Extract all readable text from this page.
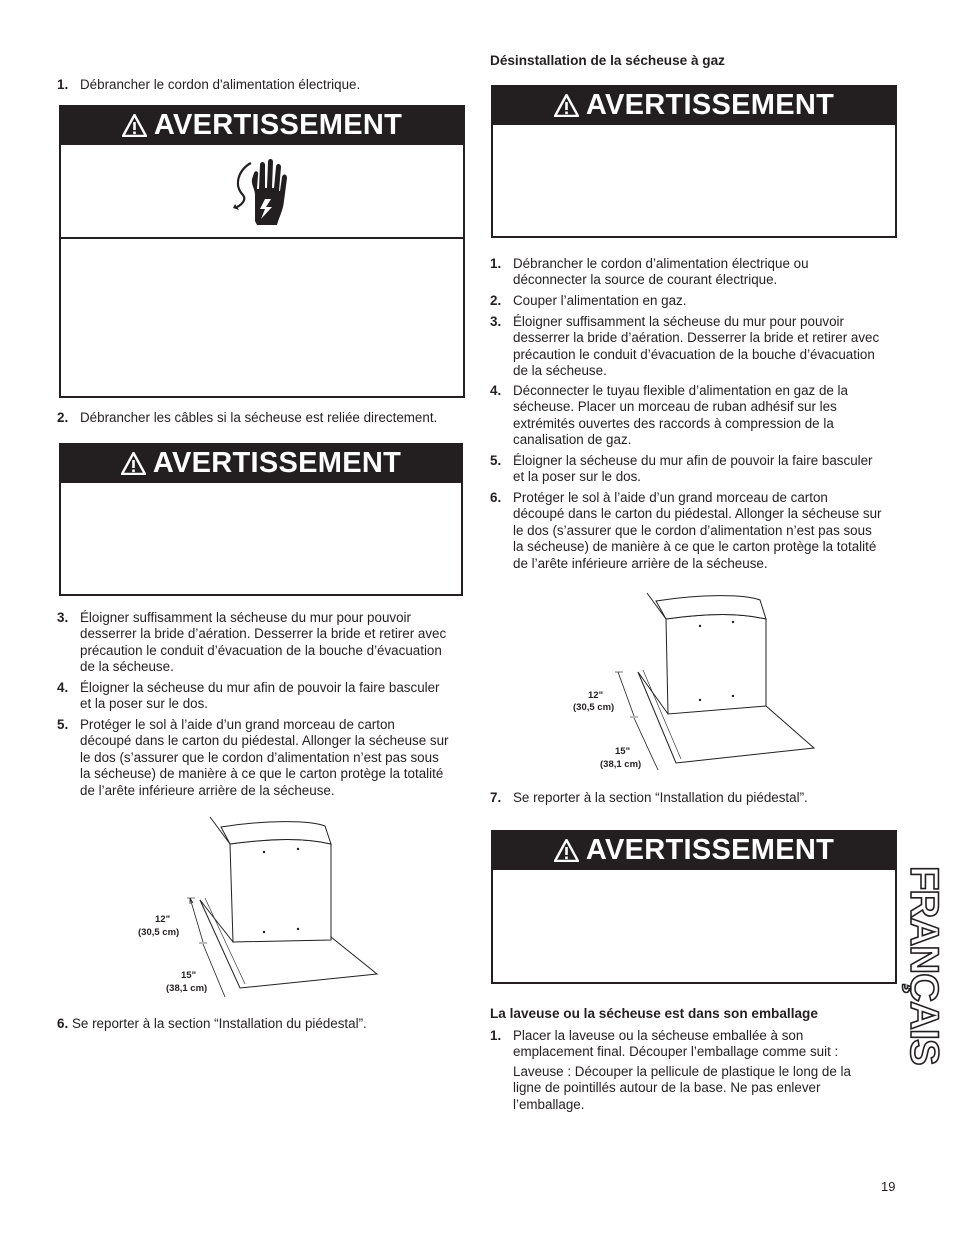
1. Débrancher le cordon d'alimentation électrique.
AVERTISSEMENT
2. Débrancher les câbles si la sécheuse est reliée directement.
AVERTISSEMENT
3. Éloigner suffisamment la sécheuse du mur pour pouvoir
desserrer la bride d’aération. Desserrer la bride et retirer avec
précaution le conduit d’évacuation de la bouche d’évacuation
de la sécheuse.
4. Éloigner la sécheuse du mur afin de pouvoir la faire basculer
et la poser sur le dos.
5. Protéger le sol à l’aide d’un grand morceau de carton
découpé dans le carton du piédestal. Allonger la sécheuse sur
le dos (s’assurer que le cordon d’alimentation n’est pas sous
la sécheuse) de manière à ce que le carton protège la totalité
de l’arête inférieure arrière de la sécheuse.
12"
(30,5 cm)
15"
(38,1 cm)
6. Se reporter à la section “Installation du piédestal”.
Désinstallation de la sécheuse à gaz
AVERTISSEMENT
1. Débrancher le cordon d’alimentation électrique ou
déconnecter la source de courant électrique.
2. Couper l’alimentation en gaz.
3. Éloigner suffisamment la sécheuse du mur pour pouvoir
desserrer la bride d’aération. Desserrer la bride et retirer avec
précaution le conduit d’évacuation de la bouche d’évacuation
de la sécheuse.
4. Déconnecter le tuyau flexible d’alimentation en gaz de la
sécheuse. Placer un morceau de ruban adhésif sur les
extrémités ouvertes des raccords à compression de la
canalisation de gaz.
5. Éloigner la sécheuse du mur afin de pouvoir la faire basculer
et la poser sur le dos.
6. Protéger le sol à l’aide d’un grand morceau de carton
découpé dans le carton du piédestal. Allonger la sécheuse sur
le dos (s’assurer que le cordon d’alimentation n’est pas sous
la sécheuse) de manière à ce que le carton protège la totalité
de l’arête inférieure arrière de la sécheuse.
12"
(30,5 cm)
15"
(38,1 cm)
7. Se reporter à la section “Installation du piédestal”.
AVERTISSEMENT
La laveuse ou la sécheuse est dans son emballage
1. Placer la laveuse ou la sécheuse emballée à son
emplacement final. Découper l’emballage comme suit :
Laveuse : Découper la pellicule de plastique le long de la
ligne de pointillés autour de la base. Ne pas enlever
l’emballage.
FRANÇAIS
19
